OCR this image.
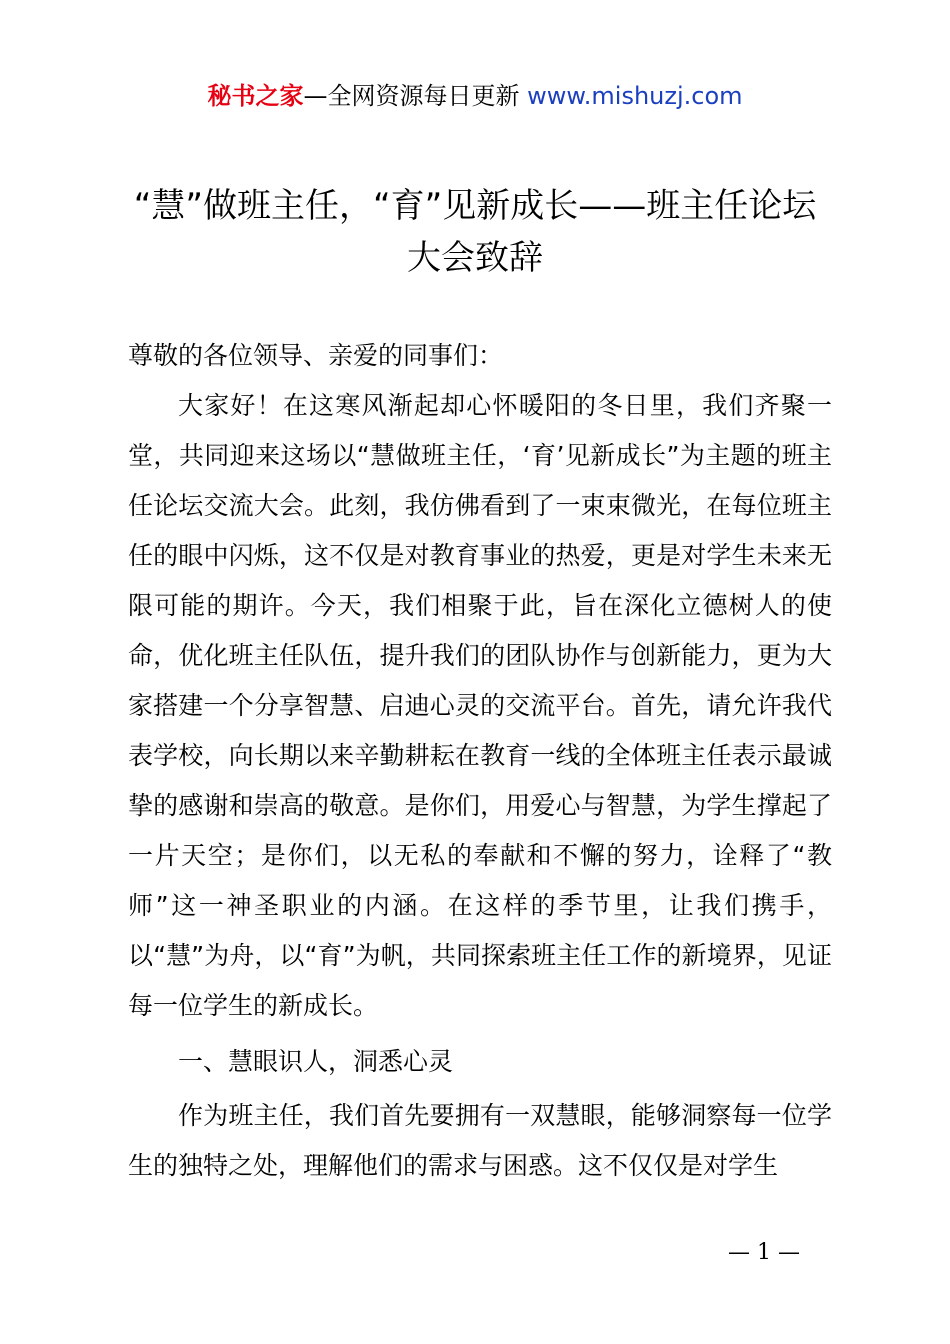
秘书之家—全网资源每日更新 www.mishuzj.com
“慧”做班主任，“育”见新成长——班主任论坛大会致辞

尊敬的各位领导、亲爱的同事们：

大家好！在这寒风渐起却心怀暖阳的冬日里，我们齐聚一堂，共同迎来这场以“慧做班主任，‘育’见新成长”为主题的班主任论坛交流大会。此刻，我仿佛看到了一束束微光，在每位班主任的眼中闪烁，这不仅是对教育事业的热爱，更是对学生未来无限可能的期许。今天，我们相聚于此，旨在深化立德树人的使命，优化班主任队伍，提升我们的团队协作与创新能力，更为大家搭建一个分享智慧、启迪心灵的交流平台。首先，请允许我代表学校，向长期以来辛勤耕耘在教育一线的全体班主任表示最诚挚的感谢和崇高的敬意。是你们，用爱心与智慧，为学生撑起了一片天空；是你们，以无私的奉献和不懈的努力，诠释了“教师”这一神圣职业的内涵。在这样的季节里，让我们携手，以“慧”为舟，以“育”为帆，共同探索班主任工作的新境界，见证每一位学生的新成长。

一、慧眼识人，洞悉心灵

作为班主任，我们首先要拥有一双慧眼，能够洞察每一位学生的独特之处，理解他们的需求与困惑。这不仅仅是对学生

— 1 —
